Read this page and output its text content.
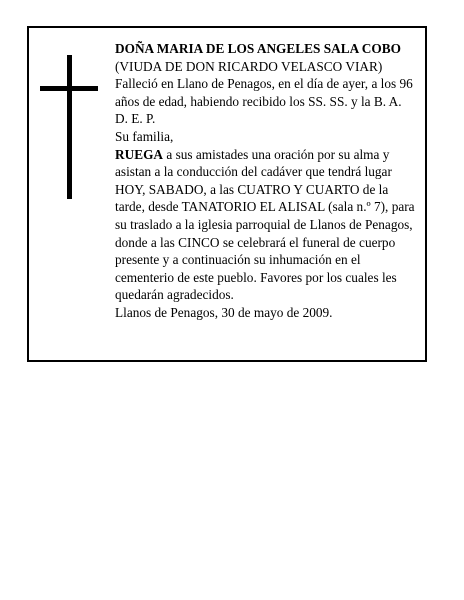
DOÑA MARIA DE LOS ANGELES SALA COBO

(VIUDA DE DON RICARDO VELASCO VIAR)

Falleció en Llano de Penagos, en el día de ayer, a los 96 años de edad, habiendo recibido los SS. SS. y la B. A.

D. E. P.

Su familia,

RUEGA a sus amistades una oración por su alma y asistan a la conducción del cadáver que tendrá lugar HOY, SABADO, a las CUATRO Y CUARTO de la tarde, desde TANATORIO EL ALISAL (sala n.º 7), para su traslado a la iglesia parroquial de Llanos de Penagos, donde a las CINCO se celebrará el funeral de cuerpo presente y a continuación su inhumación en el cementerio de este pueblo. Favores por los cuales les quedarán agradecidos.

Llanos de Penagos, 30 de mayo de 2009.
